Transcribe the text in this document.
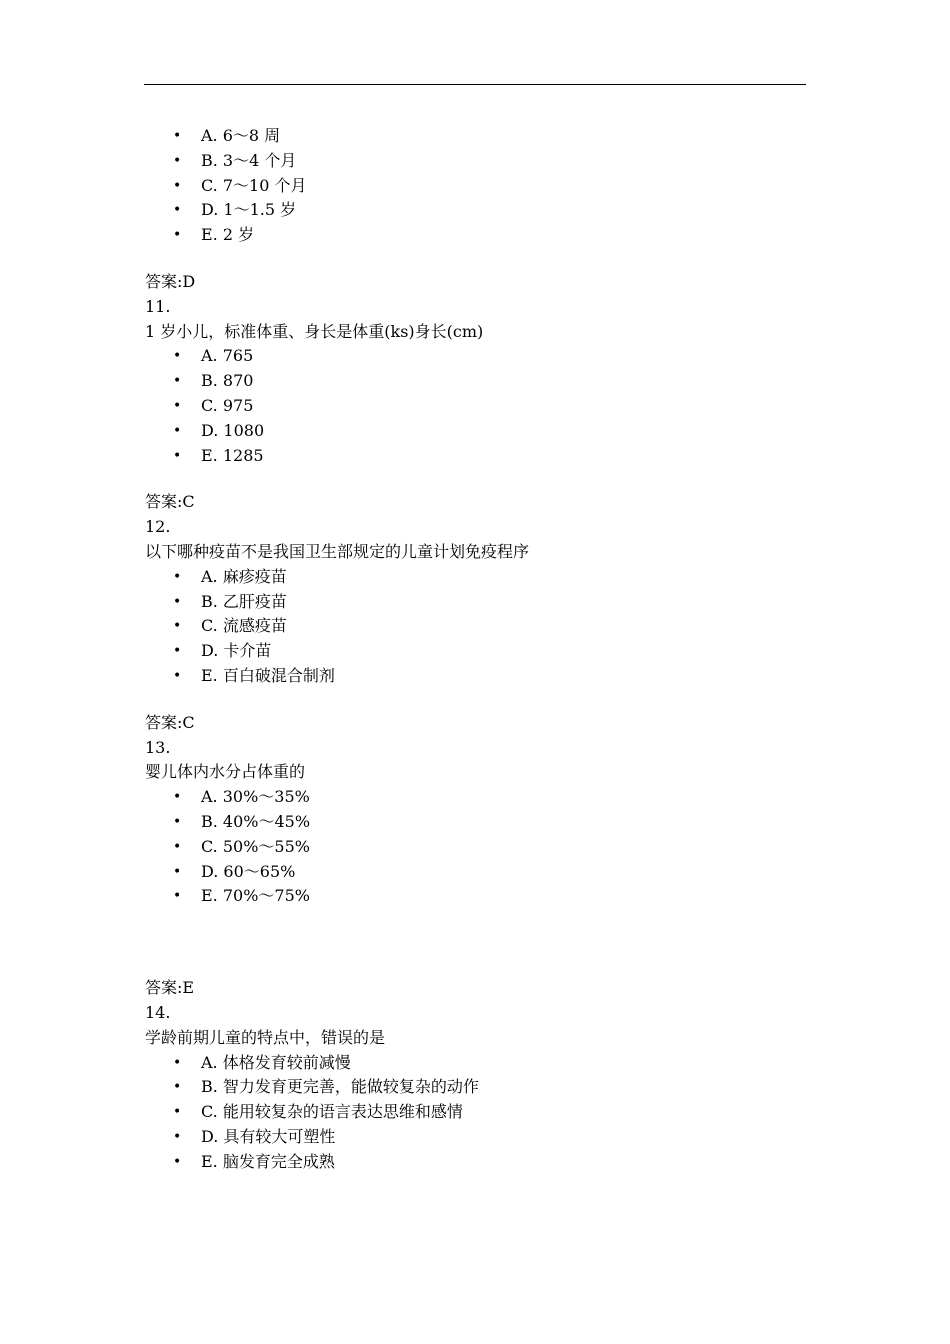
• A. 6～8 周
• B. 3～4 个月
• C. 7～10 个月
• D. 1～1.5 岁
• E. 2 岁
答案:D
11.
1 岁小儿，标准体重、身长是体重(ks)身长(cm)
• A. 765
• B. 870
• C. 975
• D. 1080
• E. 1285
答案:C
12.
以下哪种疫苗不是我国卫生部规定的儿童计划免疫程序
• A. 麻疹疫苗
• B. 乙肝疫苗
• C. 流感疫苗
• D. 卡介苗
• E. 百白破混合制剂
答案:C
13.
婴儿体内水分占体重的
• A. 30%～35%
• B. 40%～45%
• C. 50%～55%
• D. 60～65%
• E. 70%～75%
答案:E
14.
学龄前期儿童的特点中，错误的是
• A. 体格发育较前减慢
• B. 智力发育更完善，能做较复杂的动作
• C. 能用较复杂的语言表达思维和感情
• D. 具有较大可塑性
• E. 脑发育完全成熟
